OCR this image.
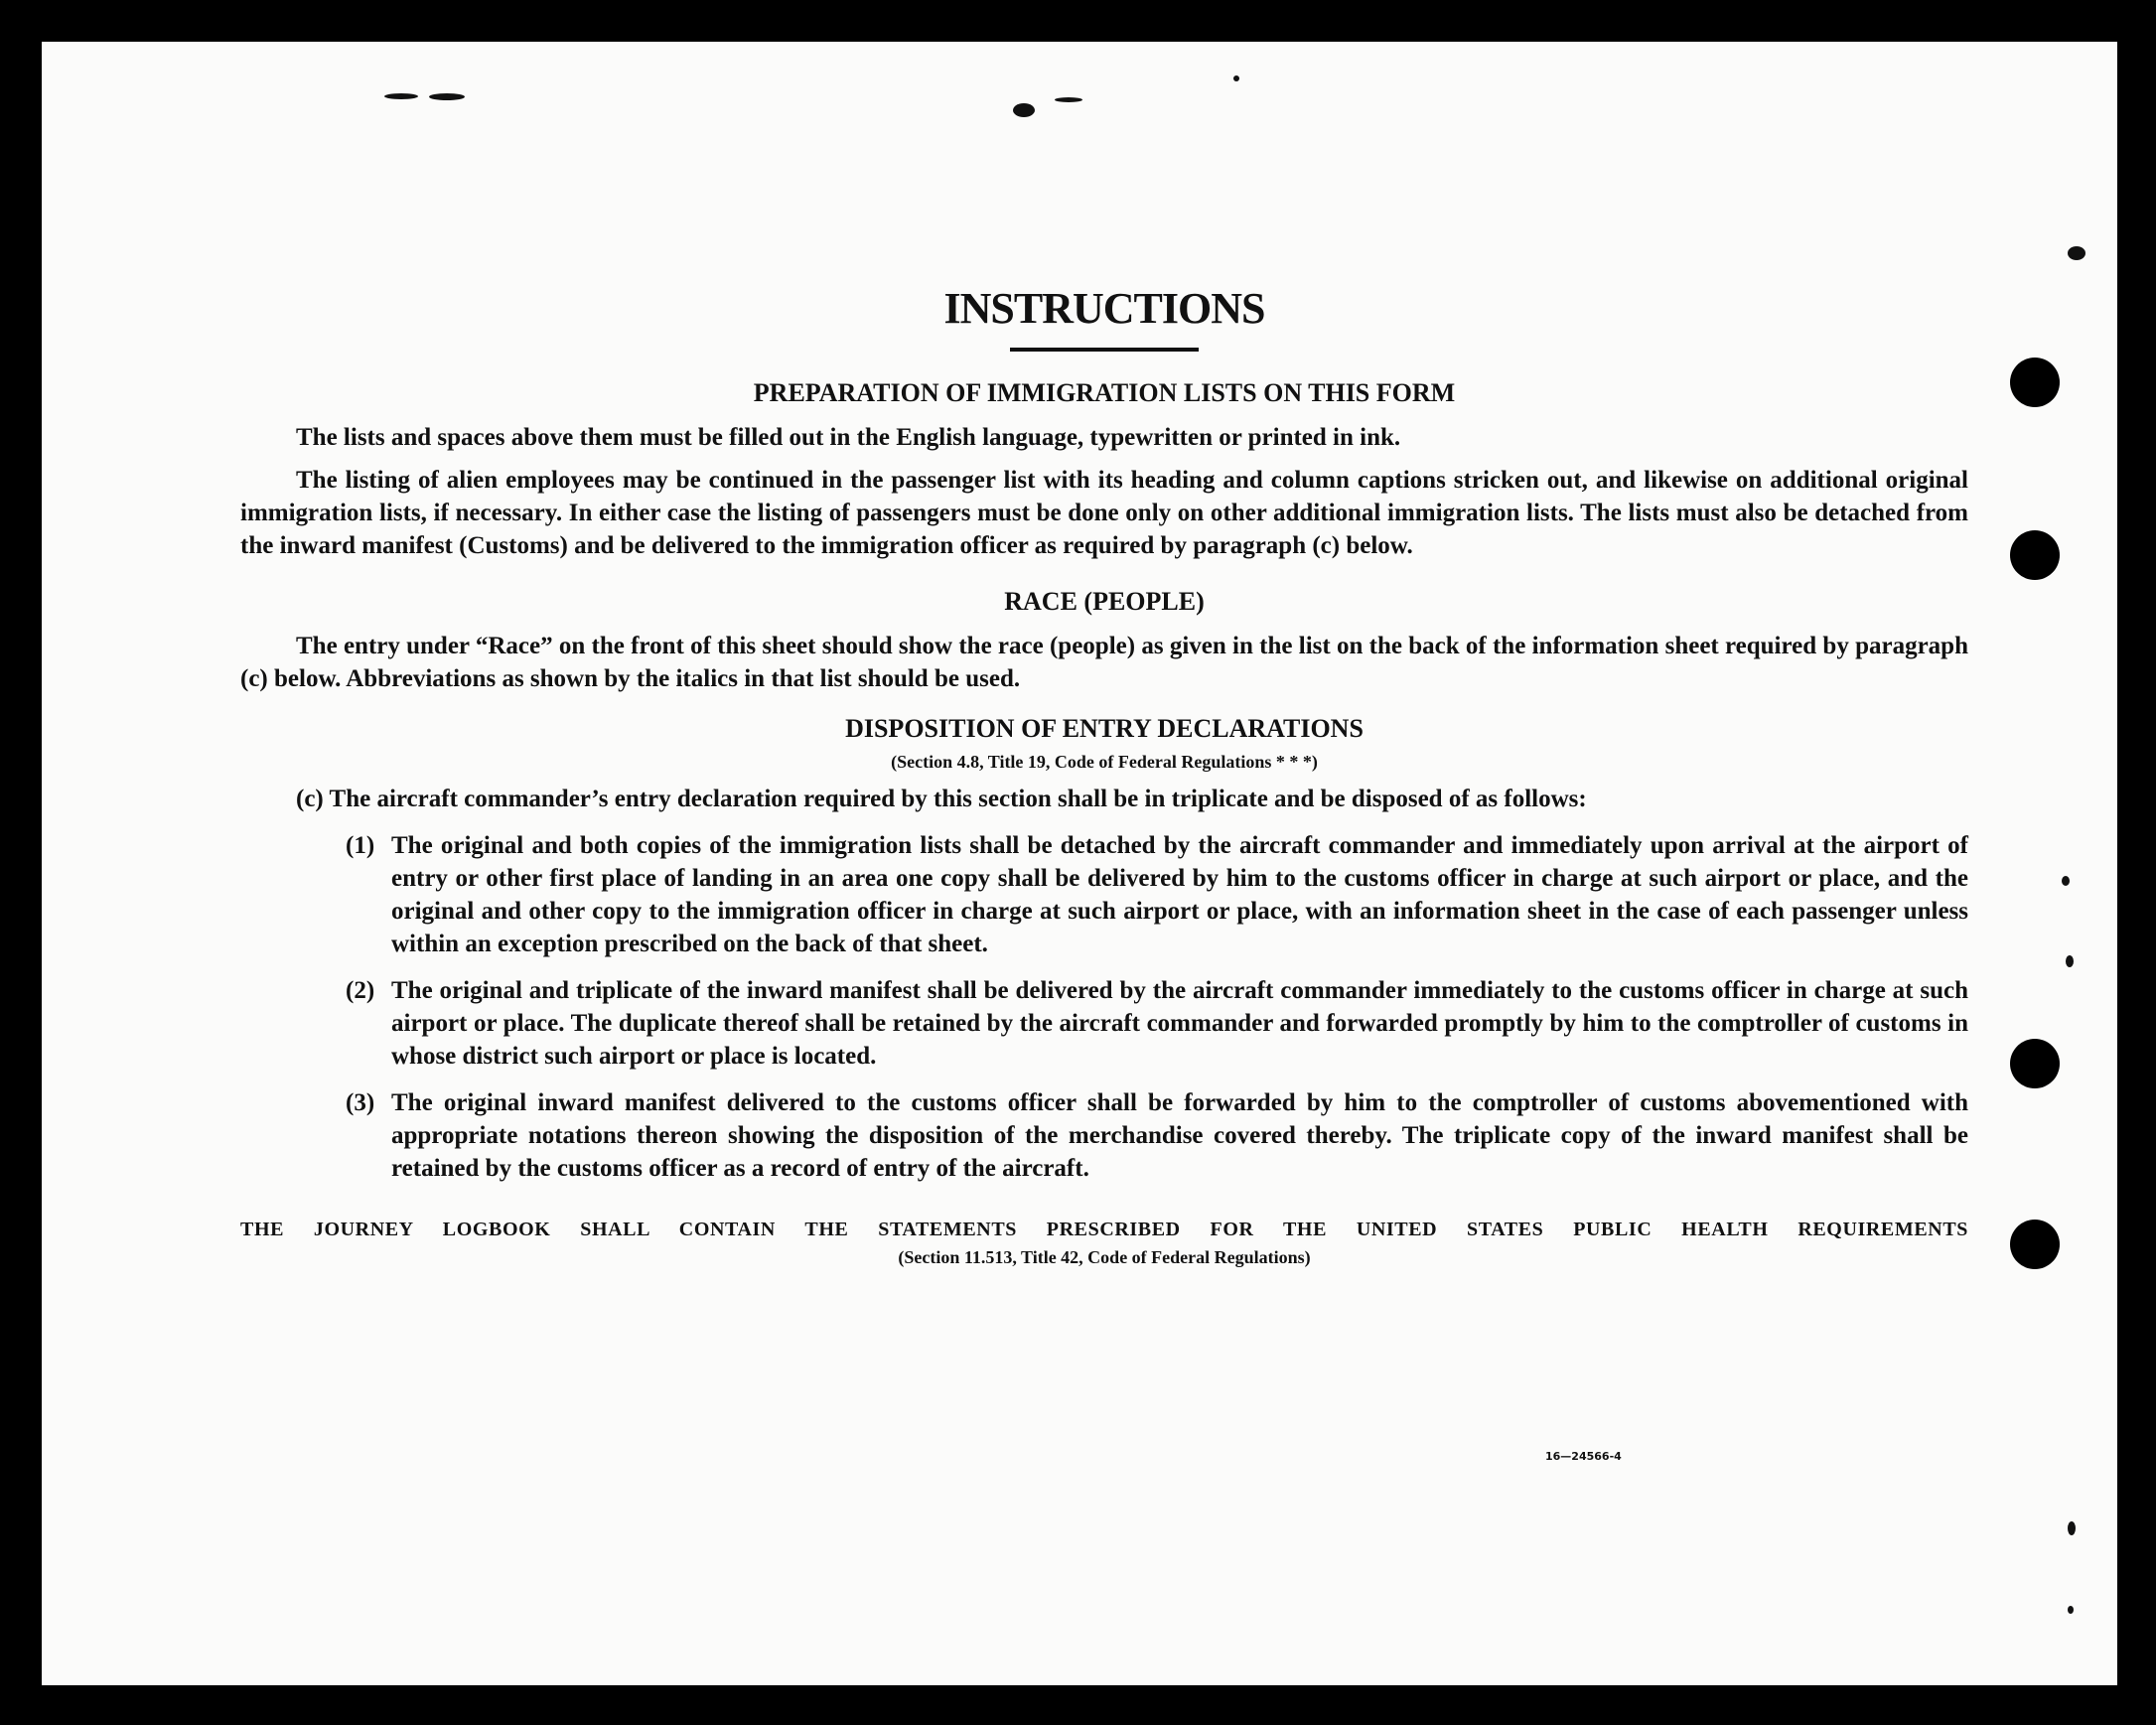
INSTRUCTIONS
PREPARATION OF IMMIGRATION LISTS ON THIS FORM

The lists and spaces above them must be filled out in the English language, typewritten or printed in ink.

The listing of alien employees may be continued in the passenger list with its heading and column captions stricken out, and likewise on additional original immigration lists, if necessary. In either case the listing of passengers must be done only on other additional immigration lists. The lists must also be detached from the inward manifest (Customs) and be delivered to the immigration officer as required by paragraph (c) below.

RACE (PEOPLE)

The entry under “Race” on the front of this sheet should show the race (people) as given in the list on the back of the information sheet required by paragraph (c) below. Abbreviations as shown by the italics in that list should be used.

DISPOSITION OF ENTRY DECLARATIONS
(Section 4.8, Title 19, Code of Federal Regulations * * *)
(c) The aircraft commander’s entry declaration required by this section shall be in triplicate and be disposed of as follows:
(1) The original and both copies of the immigration lists shall be detached by the aircraft commander and immediately upon arrival at the airport of entry or other first place of landing in an area one copy shall be delivered by him to the customs officer in charge at such airport or place, and the original and other copy to the immigration officer in charge at such airport or place, with an information sheet in the case of each passenger unless within an exception prescribed on the back of that sheet.
(2) The original and triplicate of the inward manifest shall be delivered by the aircraft commander immediately to the customs officer in charge at such airport or place. The duplicate thereof shall be retained by the aircraft commander and forwarded promptly by him to the comptroller of customs in whose district such airport or place is located.
(3) The original inward manifest delivered to the customs officer shall be forwarded by him to the comptroller of customs abovementioned with appropriate notations thereon showing the disposition of the merchandise covered thereby. The triplicate copy of the inward manifest shall be retained by the customs officer as a record of entry of the aircraft.
THE JOURNEY LOGBOOK SHALL CONTAIN THE STATEMENTS PRESCRIBED FOR THE UNITED STATES PUBLIC HEALTH REQUIREMENTS
(Section 11.513, Title 42, Code of Federal Regulations)
16—24566-4
